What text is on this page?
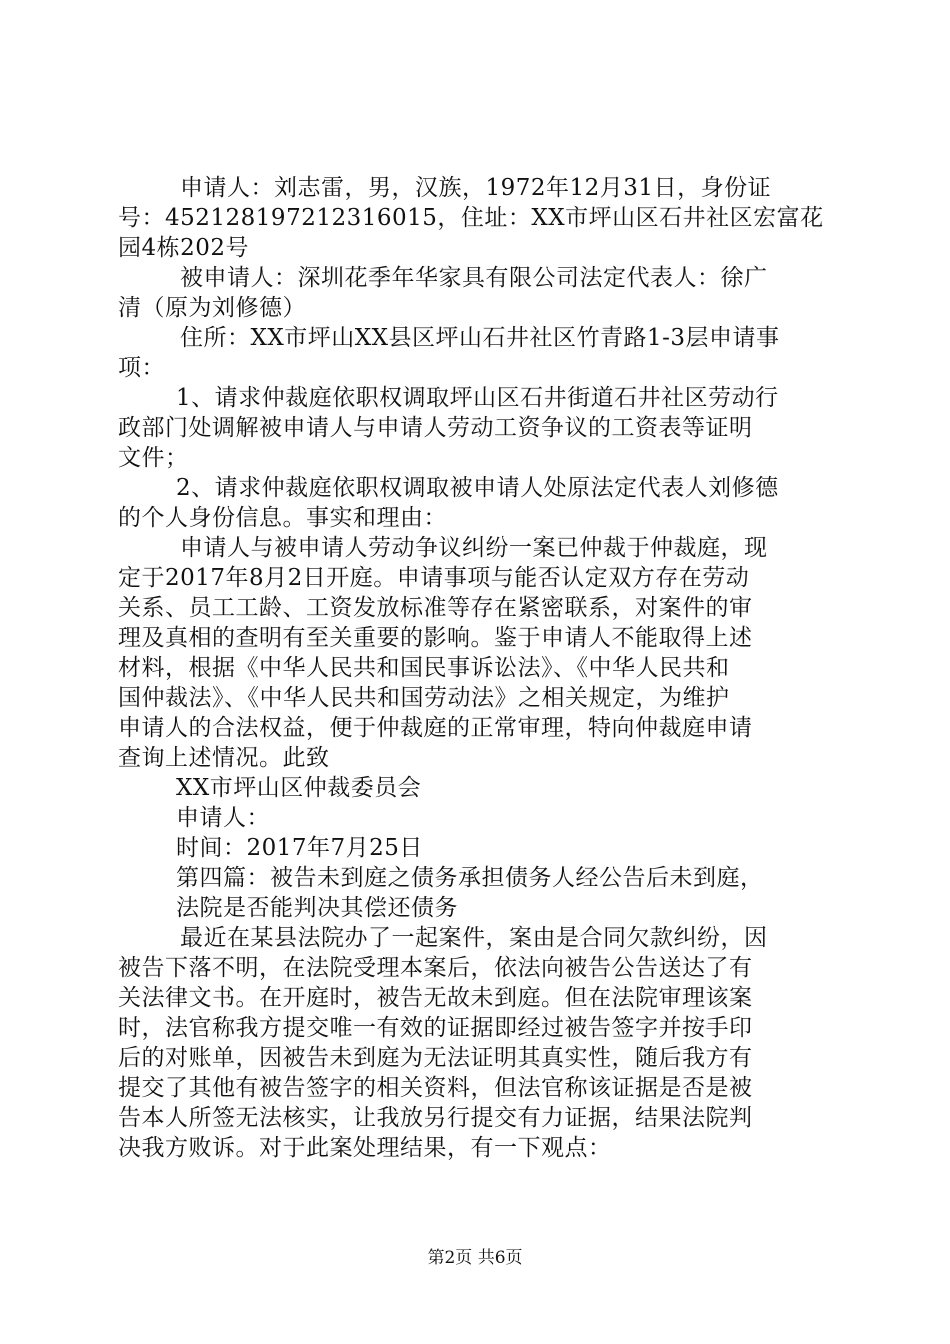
申请人：刘志雷，男，汉族，1972年12月31日，身份证
号：452128197212316015，住址：XX市坪山区石井社区宏富花
园4栋202号
被申请人：深圳花季年华家具有限公司法定代表人：徐广
清（原为刘修德）
住所：XX市坪山XX县区坪山石井社区竹青路1-3层申请事
项：
1、请求仲裁庭依职权调取坪山区石井街道石井社区劳动行
政部门处调解被申请人与申请人劳动工资争议的工资表等证明
文件；
2、请求仲裁庭依职权调取被申请人处原法定代表人刘修德
的个人身份信息。事实和理由：
申请人与被申请人劳动争议纠纷一案已仲裁于仲裁庭，现
定于2017年8月2日开庭。申请事项与能否认定双方存在劳动
关系、员工工龄、工资发放标准等存在紧密联系，对案件的审
理及真相的查明有至关重要的影响。鉴于申请人不能取得上述
材料，根据《中华人民共和国民事诉讼法》、《中华人民共和
国仲裁法》、《中华人民共和国劳动法》之相关规定，为维护
申请人的合法权益，便于仲裁庭的正常审理，特向仲裁庭申请
查询上述情况。此致
XX市坪山区仲裁委员会
申请人：
时间：2017年7月25日
第四篇：被告未到庭之债务承担债务人经公告后未到庭，
法院是否能判决其偿还债务
最近在某县法院办了一起案件，案由是合同欠款纠纷，因
被告下落不明，在法院受理本案后，依法向被告公告送达了有
关法律文书。在开庭时，被告无故未到庭。但在法院审理该案
时，法官称我方提交唯一有效的证据即经过被告签字并按手印
后的对账单，因被告未到庭为无法证明其真实性，随后我方有
提交了其他有被告签字的相关资料，但法官称该证据是否是被
告本人所签无法核实，让我放另行提交有力证据，结果法院判
决我方败诉。对于此案处理结果，有一下观点：
第2页 共6页
